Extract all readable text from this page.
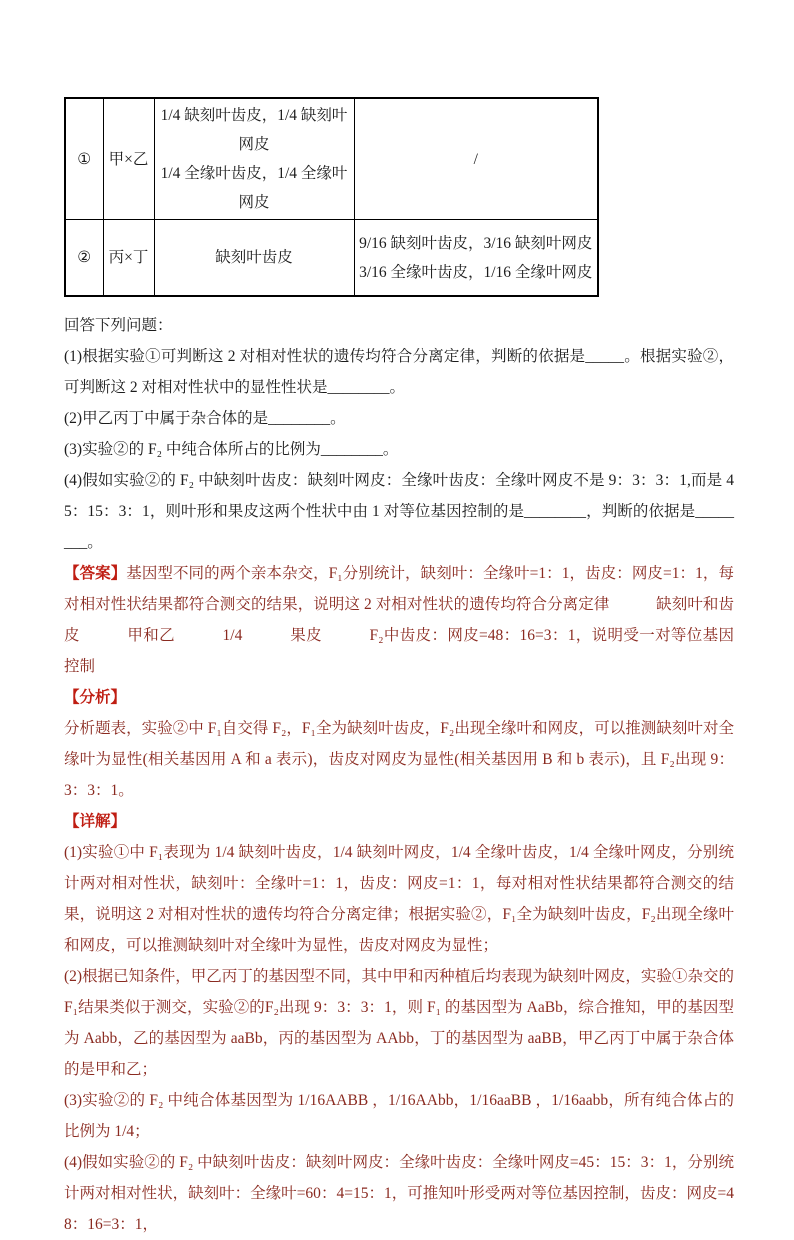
①	甲×乙	1/4 缺刻叶齿皮，1/4 缺刻叶网皮
1/4 全缘叶齿皮，1/4 全缘叶网皮	/

②	丙×丁	缺刻叶齿皮	9/16 缺刻叶齿皮，3/16 缺刻叶网皮
3/16 全缘叶齿皮，1/16 全缘叶网皮

回答下列问题：

(1)根据实验①可判断这 2 对相对性状的遗传均符合分离定律，判断的依据是_____。根据实验②，可判断这 2 对相对性状中的显性性状是________。

(2)甲乙丙丁中属于杂合体的是________。

(3)实验②的 F₂ 中纯合体所占的比例为________。

(4)假如实验②的 F₂ 中缺刻叶齿皮：缺刻叶网皮：全缘叶齿皮：全缘叶网皮不是 9：3：3：1,而是 45：15：3：1，则叶形和果皮这两个性状中由 1 对等位基因控制的是________，判断的依据是________。

【答案】基因型不同的两个亲本杂交，F₁分别统计，缺刻叶：全缘叶=1：1，齿皮：网皮=1：1，每对相对性状结果都符合测交的结果，说明这 2 对相对性状的遗传均符合分离定律　　　缺刻叶和齿皮　　　甲和乙　　　1/4　　　果皮　　　F₂中齿皮：网皮=48：16=3：1，说明受一对等位基因控制

【分析】

分析题表，实验②中 F₁自交得 F₂，F₁全为缺刻叶齿皮，F₂出现全缘叶和网皮，可以推测缺刻叶对全缘叶为显性(相关基因用 A 和 a 表示)，齿皮对网皮为显性(相关基因用 B 和 b 表示)，且 F₂出现 9：3：3：1。

【详解】

(1)实验①中 F₁表现为 1/4 缺刻叶齿皮，1/4 缺刻叶网皮，1/4 全缘叶齿皮，1/4 全缘叶网皮，分别统计两对相对性状，缺刻叶：全缘叶=1：1，齿皮：网皮=1：1，每对相对性状结果都符合测交的结果，说明这 2 对相对性状的遗传均符合分离定律；根据实验②，F₁全为缺刻叶齿皮，F₂出现全缘叶和网皮，可以推测缺刻叶对全缘叶为显性，齿皮对网皮为显性；

(2)根据已知条件，甲乙丙丁的基因型不同，其中甲和丙种植后均表现为缺刻叶网皮，实验①杂交的F₁结果类似于测交，实验②的F₂出现 9：3：3：1，则 F₁ 的基因型为 AaBb，综合推知，甲的基因型为 Aabb，乙的基因型为 aaBb，丙的基因型为 AAbb，丁的基因型为 aaBB，甲乙丙丁中属于杂合体的是甲和乙；

(3)实验②的 F₂ 中纯合体基因型为 1/16AABB ，1/16AAbb，1/16aaBB ，1/16aabb，所有纯合体占的比例为 1/4；

(4)假如实验②的 F₂ 中缺刻叶齿皮：缺刻叶网皮：全缘叶齿皮：全缘叶网皮=45：15：3：1，分别统计两对相对性状，缺刻叶：全缘叶=60：4=15：1，可推知叶形受两对等位基因控制，齿皮：网皮=48：16=3：1，
